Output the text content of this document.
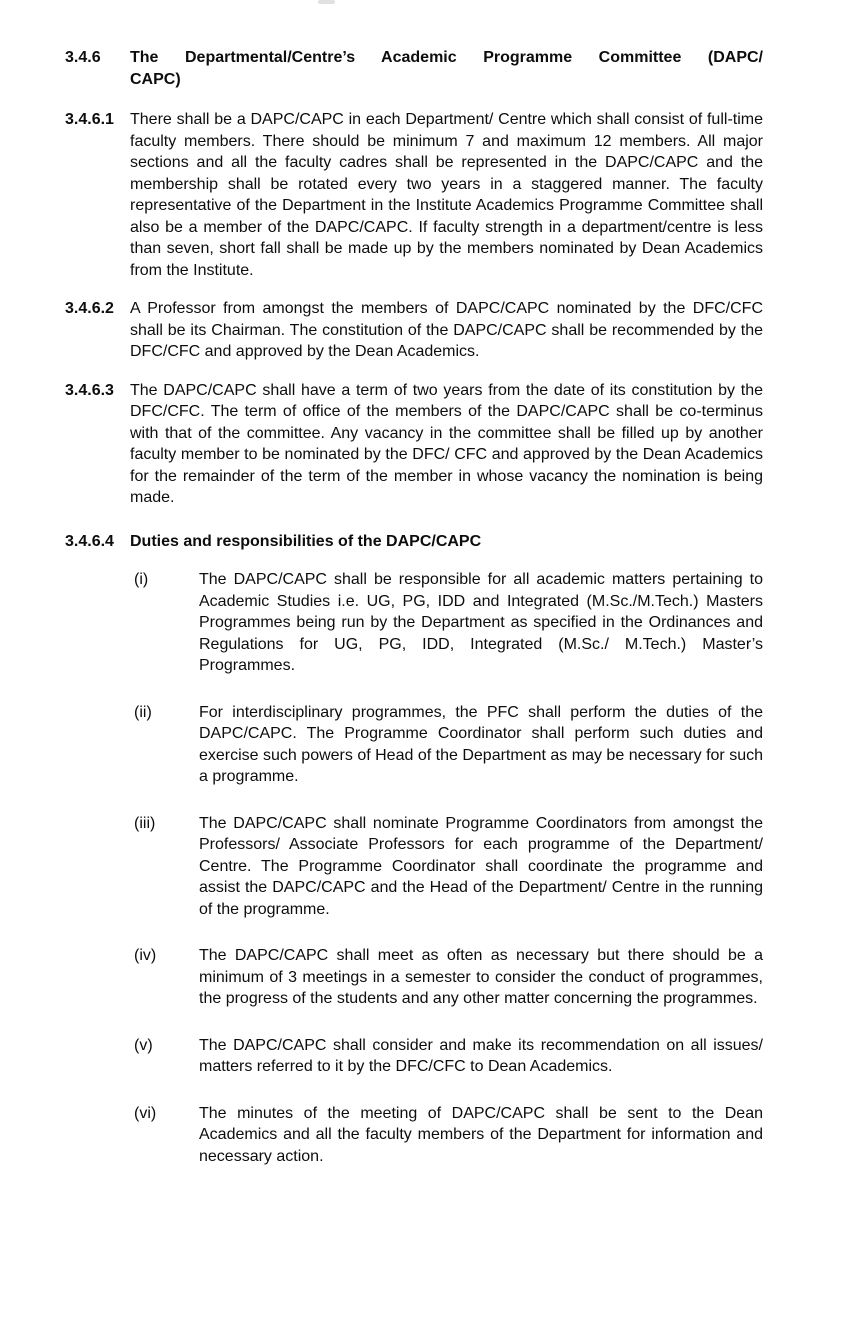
3.4.6	The Departmental/Centre’s Academic Programme Committee (DAPC/
CAPC)
3.4.6.1	There shall be a DAPC/CAPC in each Department/ Centre which shall consist of full-time faculty members. There should be minimum 7 and maximum 12 members. All major sections and all the faculty cadres shall be represented in the DAPC/CAPC and the membership shall be rotated every two years in a staggered manner. The faculty representative of the Department in the Institute Academics Programme Committee shall also be a member of the DAPC/CAPC. If faculty strength in a department/centre is less than seven, short fall shall be made up by the members nominated by Dean Academics from the Institute.
3.4.6.2	A Professor from amongst the members of DAPC/CAPC nominated by the DFC/CFC shall be its Chairman. The constitution of the DAPC/CAPC shall be recommended by the DFC/CFC and approved by the Dean Academics.
3.4.6.3	The DAPC/CAPC shall have a term of two years from the date of its constitution by the DFC/CFC. The term of office of the members of the DAPC/CAPC shall be co-terminus with that of the committee. Any vacancy in the committee shall be filled up by another faculty member to be nominated by the DFC/ CFC and approved by the Dean Academics for the remainder of the term of the member in whose vacancy the nomination is being made.
3.4.6.4	Duties and responsibilities of the DAPC/CAPC
(i)	The DAPC/CAPC shall be responsible for all academic matters pertaining to Academic Studies i.e. UG, PG, IDD and Integrated (M.Sc./M.Tech.) Masters Programmes being run by the Department as specified in the Ordinances and Regulations for UG, PG, IDD, Integrated (M.Sc./ M.Tech.) Master’s Programmes.
(ii)	For interdisciplinary programmes, the PFC shall perform the duties of the DAPC/CAPC. The Programme Coordinator shall perform such duties and exercise such powers of Head of the Department as may be necessary for such a programme.
(iii)	The DAPC/CAPC shall nominate Programme Coordinators from amongst the Professors/ Associate Professors for each programme of the Department/ Centre. The Programme Coordinator shall coordinate the programme and assist the DAPC/CAPC and the Head of the Department/ Centre in the running of the programme.
(iv)	The DAPC/CAPC shall meet as often as necessary but there should be a minimum of 3 meetings in a semester to consider the conduct of programmes, the progress of the students and any other matter concerning the programmes.
(v)	The DAPC/CAPC shall consider and make its recommendation on all issues/ matters referred to it by the DFC/CFC to Dean Academics.
(vi)	The minutes of the meeting of DAPC/CAPC shall be sent to the Dean Academics and all the faculty members of the Department for information and necessary action.
